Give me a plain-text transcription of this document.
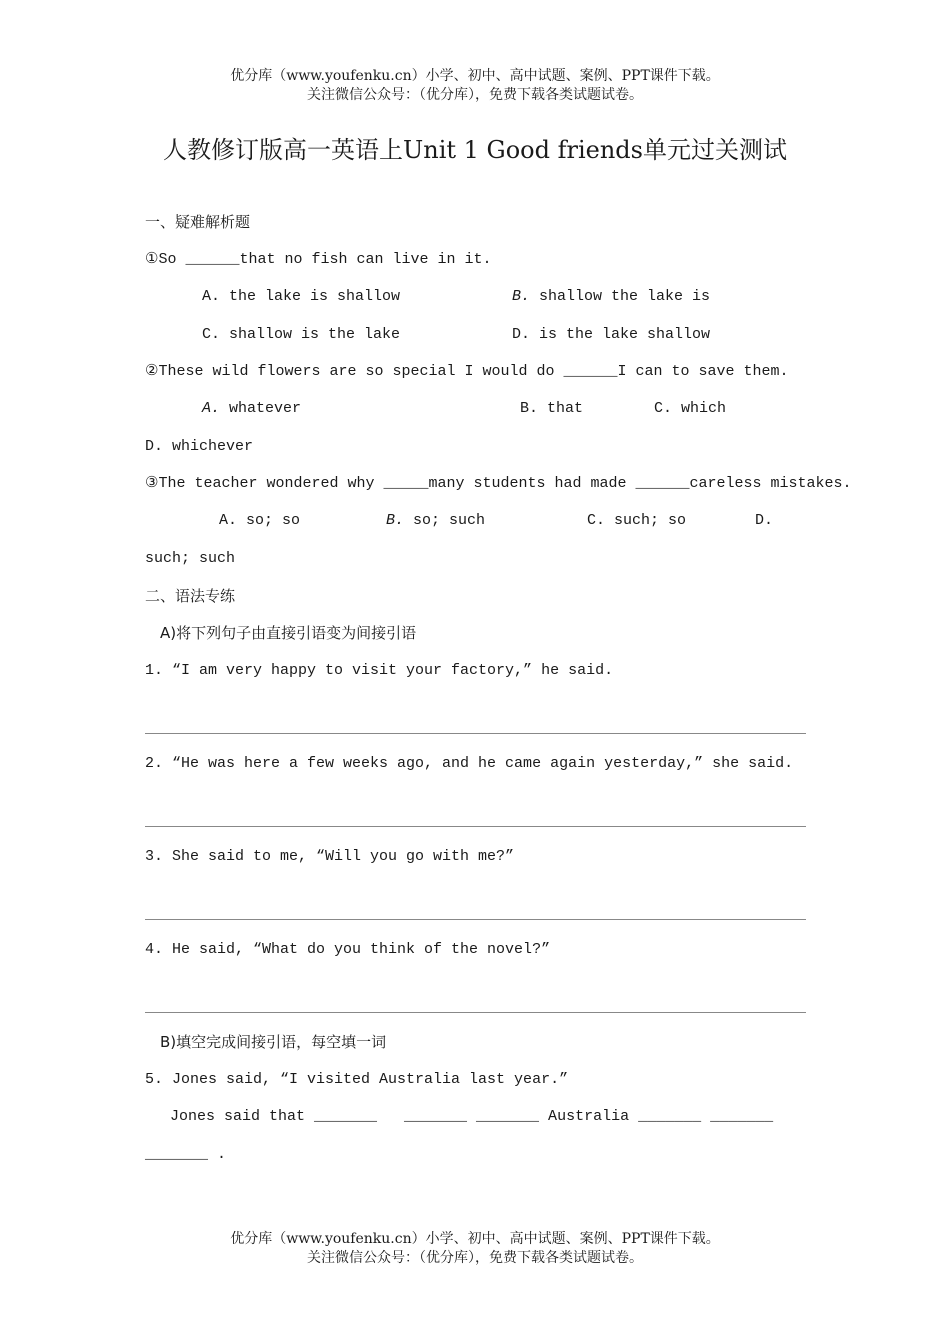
优分库（www.youfenku.cn）小学、初中、高中试题、案例、PPT课件下载。
关注微信公众号：（优分库），免费下载各类试题试卷。
人教修订版高一英语上Unit 1 Good friends单元过关测试
一、疑难解析题
①So ______that no fish can live in it.
A. the lake is shallow	B. shallow the lake is
C. shallow is the lake	D. is the lake shallow
②These wild flowers are so special I would do ______I can to save them.
A. whatever	B. that	C. which
D. whichever
③The teacher wondered why _____many students had made ______careless mistakes.
A. so; so	B. so; such	C. such; so	D.
such; such
二、语法专练
A)将下列句子由直接引语变为间接引语
1. “I am very happy to visit your factory,” he said.
2. “He was here a few weeks ago, and he came again yesterday,” she said.
3. She said to me, “Will you go with me?”
4. He said, “What do you think of the novel?”
B)填空完成间接引语，每空填一词
5. Jones said, “I visited Australia last year.”
Jones said that _______   _______ _______ Australia _______ _______
_______ .
优分库（www.youfenku.cn）小学、初中、高中试题、案例、PPT课件下载。
关注微信公众号：（优分库），免费下载各类试题试卷。
